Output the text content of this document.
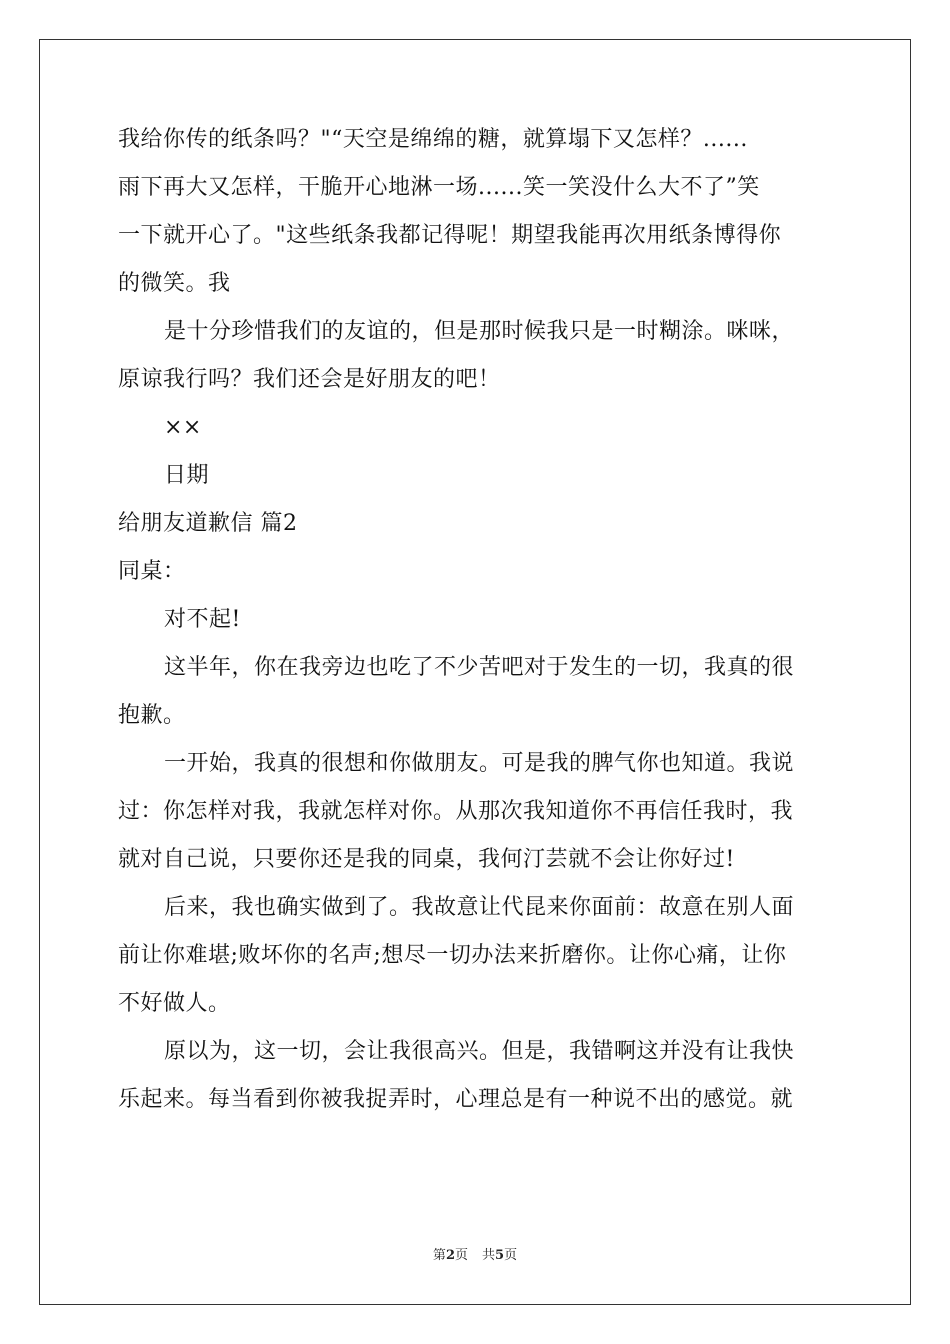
我给你传的纸条吗？"“天空是绵绵的糖，就算塌下又怎样？......
雨下再大又怎样，干脆开心地淋一场......笑一笑没什么大不了”笑
一下就开心了。"这些纸条我都记得呢！期望我能再次用纸条博得你
的微笑。我
是十分珍惜我们的友谊的，但是那时候我只是一时糊涂。咪咪，
原谅我行吗？我们还会是好朋友的吧！
××
日期
给朋友道歉信 篇2
同桌：
对不起!
这半年，你在我旁边也吃了不少苦吧对于发生的一切，我真的很
抱歉。
一开始，我真的很想和你做朋友。可是我的脾气你也知道。我说
过：你怎样对我，我就怎样对你。从那次我知道你不再信任我时，我
就对自己说，只要你还是我的同桌，我何汀芸就不会让你好过!
后来，我也确实做到了。我故意让代昆来你面前：故意在别人面
前让你难堪;败坏你的名声;想尽一切办法来折磨你。让你心痛，让你
不好做人。
原以为，这一切，会让我很高兴。但是，我错啊这并没有让我快
乐起来。每当看到你被我捉弄时，心理总是有一种说不出的感觉。就
第2页 共5页
